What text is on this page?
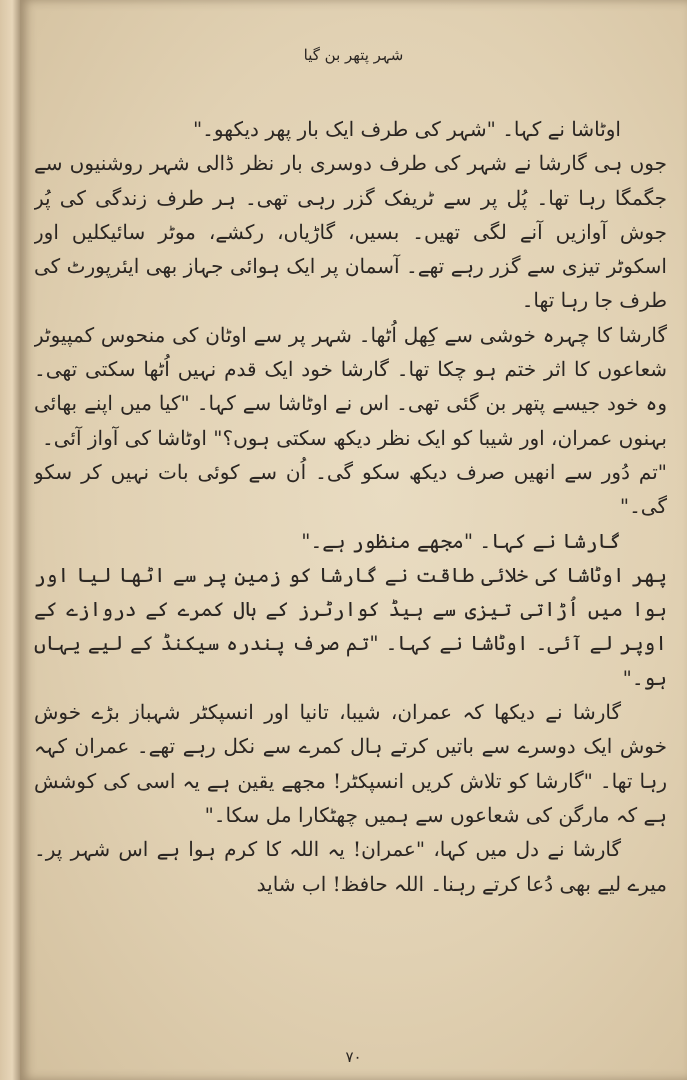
شہر پتھر بن گیا

اوٹاشا نے کہا۔ "شہر کی طرف ایک بار پھر دیکھو۔"

جوں ہی گارشا نے شہر کی طرف دوسری بار نظر ڈالی شہر روشنیوں سے جگمگا رہا تھا۔ پُل پر سے ٹریفک گزر رہی تھی۔ ہر طرف زندگی کی پُر جوش آوازیں آنے لگی تھیں۔ بسیں، گاڑیاں، رکشے، موٹر سائیکلیں اور اسکوٹر تیزی سے گزر رہے تھے۔ آسمان پر ایک ہوائی جہاز بھی ایئرپورٹ کی طرف جا رہا تھا۔

گارشا کا چہرہ خوشی سے کِھل اُٹھا۔ شہر پر سے اوٹان کی منحوس کمپیوٹر شعاعوں کا اثر ختم ہو چکا تھا۔ گارشا خود ایک قدم نہیں اُٹھا سکتی تھی۔ وہ خود جیسے پتھر بن گئی تھی۔ اس نے اوٹاشا سے کہا۔ "کیا میں اپنے بھائی بہنوں عمران، اور شیبا کو ایک نظر دیکھ سکتی ہوں؟" اوٹاشا کی آواز آئی۔

"تم دُور سے انھیں صرف دیکھ سکو گی۔ اُن سے کوئی بات نہیں کر سکو گی۔"

گارشا نے کہا۔ "مجھے منظور ہے۔"

پھر اوٹاشا کی خلائی طاقت نے گارشا کو زمین پر سے اٹھا لیا اور ہوا میں اُڑاتی تیزی سے ہیڈ کوارٹرز کے ہال کمرے کے دروازے کے اوپر لے آئی۔ اوٹاشا نے کہا۔ "تم صرف پندرہ سیکنڈ کے لیے یہاں ہو۔"

گارشا نے دیکھا کہ عمران، شیبا، تانیا اور انسپکٹر شہباز بڑے خوش خوش ایک دوسرے سے باتیں کرتے ہال کمرے سے نکل رہے تھے۔ عمران کہہ رہا تھا۔ "گارشا کو تلاش کریں انسپکٹر! مجھے یقین ہے یہ اسی کی کوشش ہے کہ مارگن کی شعاعوں سے ہمیں چھٹکارا مل سکا۔"

گارشا نے دل میں کہا، "عمران! یہ اللہ کا کرم ہوا ہے اس شہر پر۔ میرے لیے بھی دُعا کرتے رہنا۔ اللہ حافظ! اب شاید

۷۰
